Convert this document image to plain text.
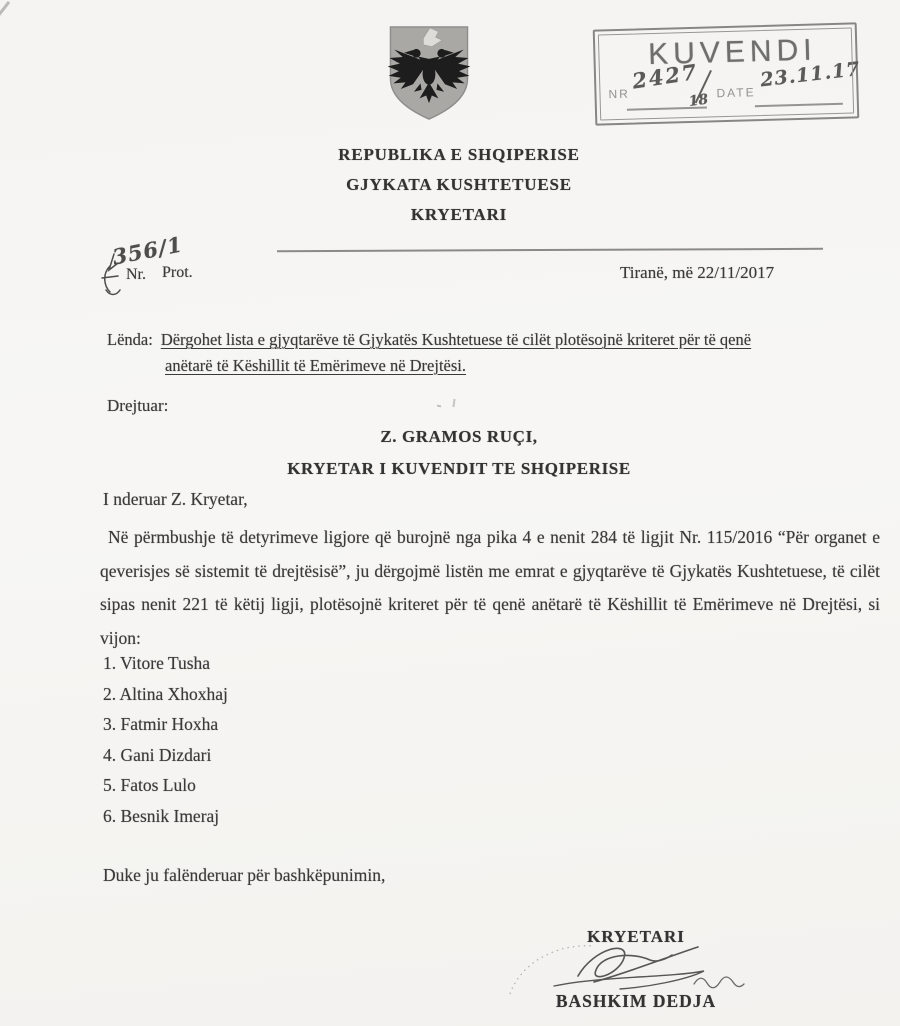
KUVENDI
NR
2427
18 DATE
23.11.17
REPUBLIKA E SHQIPERISE
GJYKATA KUSHTETUESE
KRYETARI
356/1
Nr. Prot.	Tiranë, më 22/11/2017
Lënda: Dërgohet lista e gjyqtarëve të Gjykatës Kushtetuese të cilët plotësojnë kriteret për të qenë
anëtarë të Këshillit të Emërimeve në Drejtësi.
Drejtuar:
Z. GRAMOS RUÇI,
KRYETAR I KUVENDIT TE SHQIPERISE
I nderuar Z. Kryetar,
Në përmbushje të detyrimeve ligjore që burojnë nga pika 4 e nenit 284 të ligjit Nr. 115/2016 “Për organet e qeverisjes së sistemit të drejtësisë”, ju dërgojmë listën me emrat e gjyqtarëve të Gjykatës Kushtetuese, të cilët sipas nenit 221 të këtij ligji, plotësojnë kriteret për të qenë anëtarë të Këshillit të Emërimeve në Drejtësi, si vijon:
1. Vitore Tusha
2. Altina Xhoxhaj
3. Fatmir Hoxha
4. Gani Dizdari
5. Fatos Lulo
6. Besnik Imeraj
Duke ju falënderuar për bashkëpunimin,
KRYETARI
BASHKIM DEDJA
